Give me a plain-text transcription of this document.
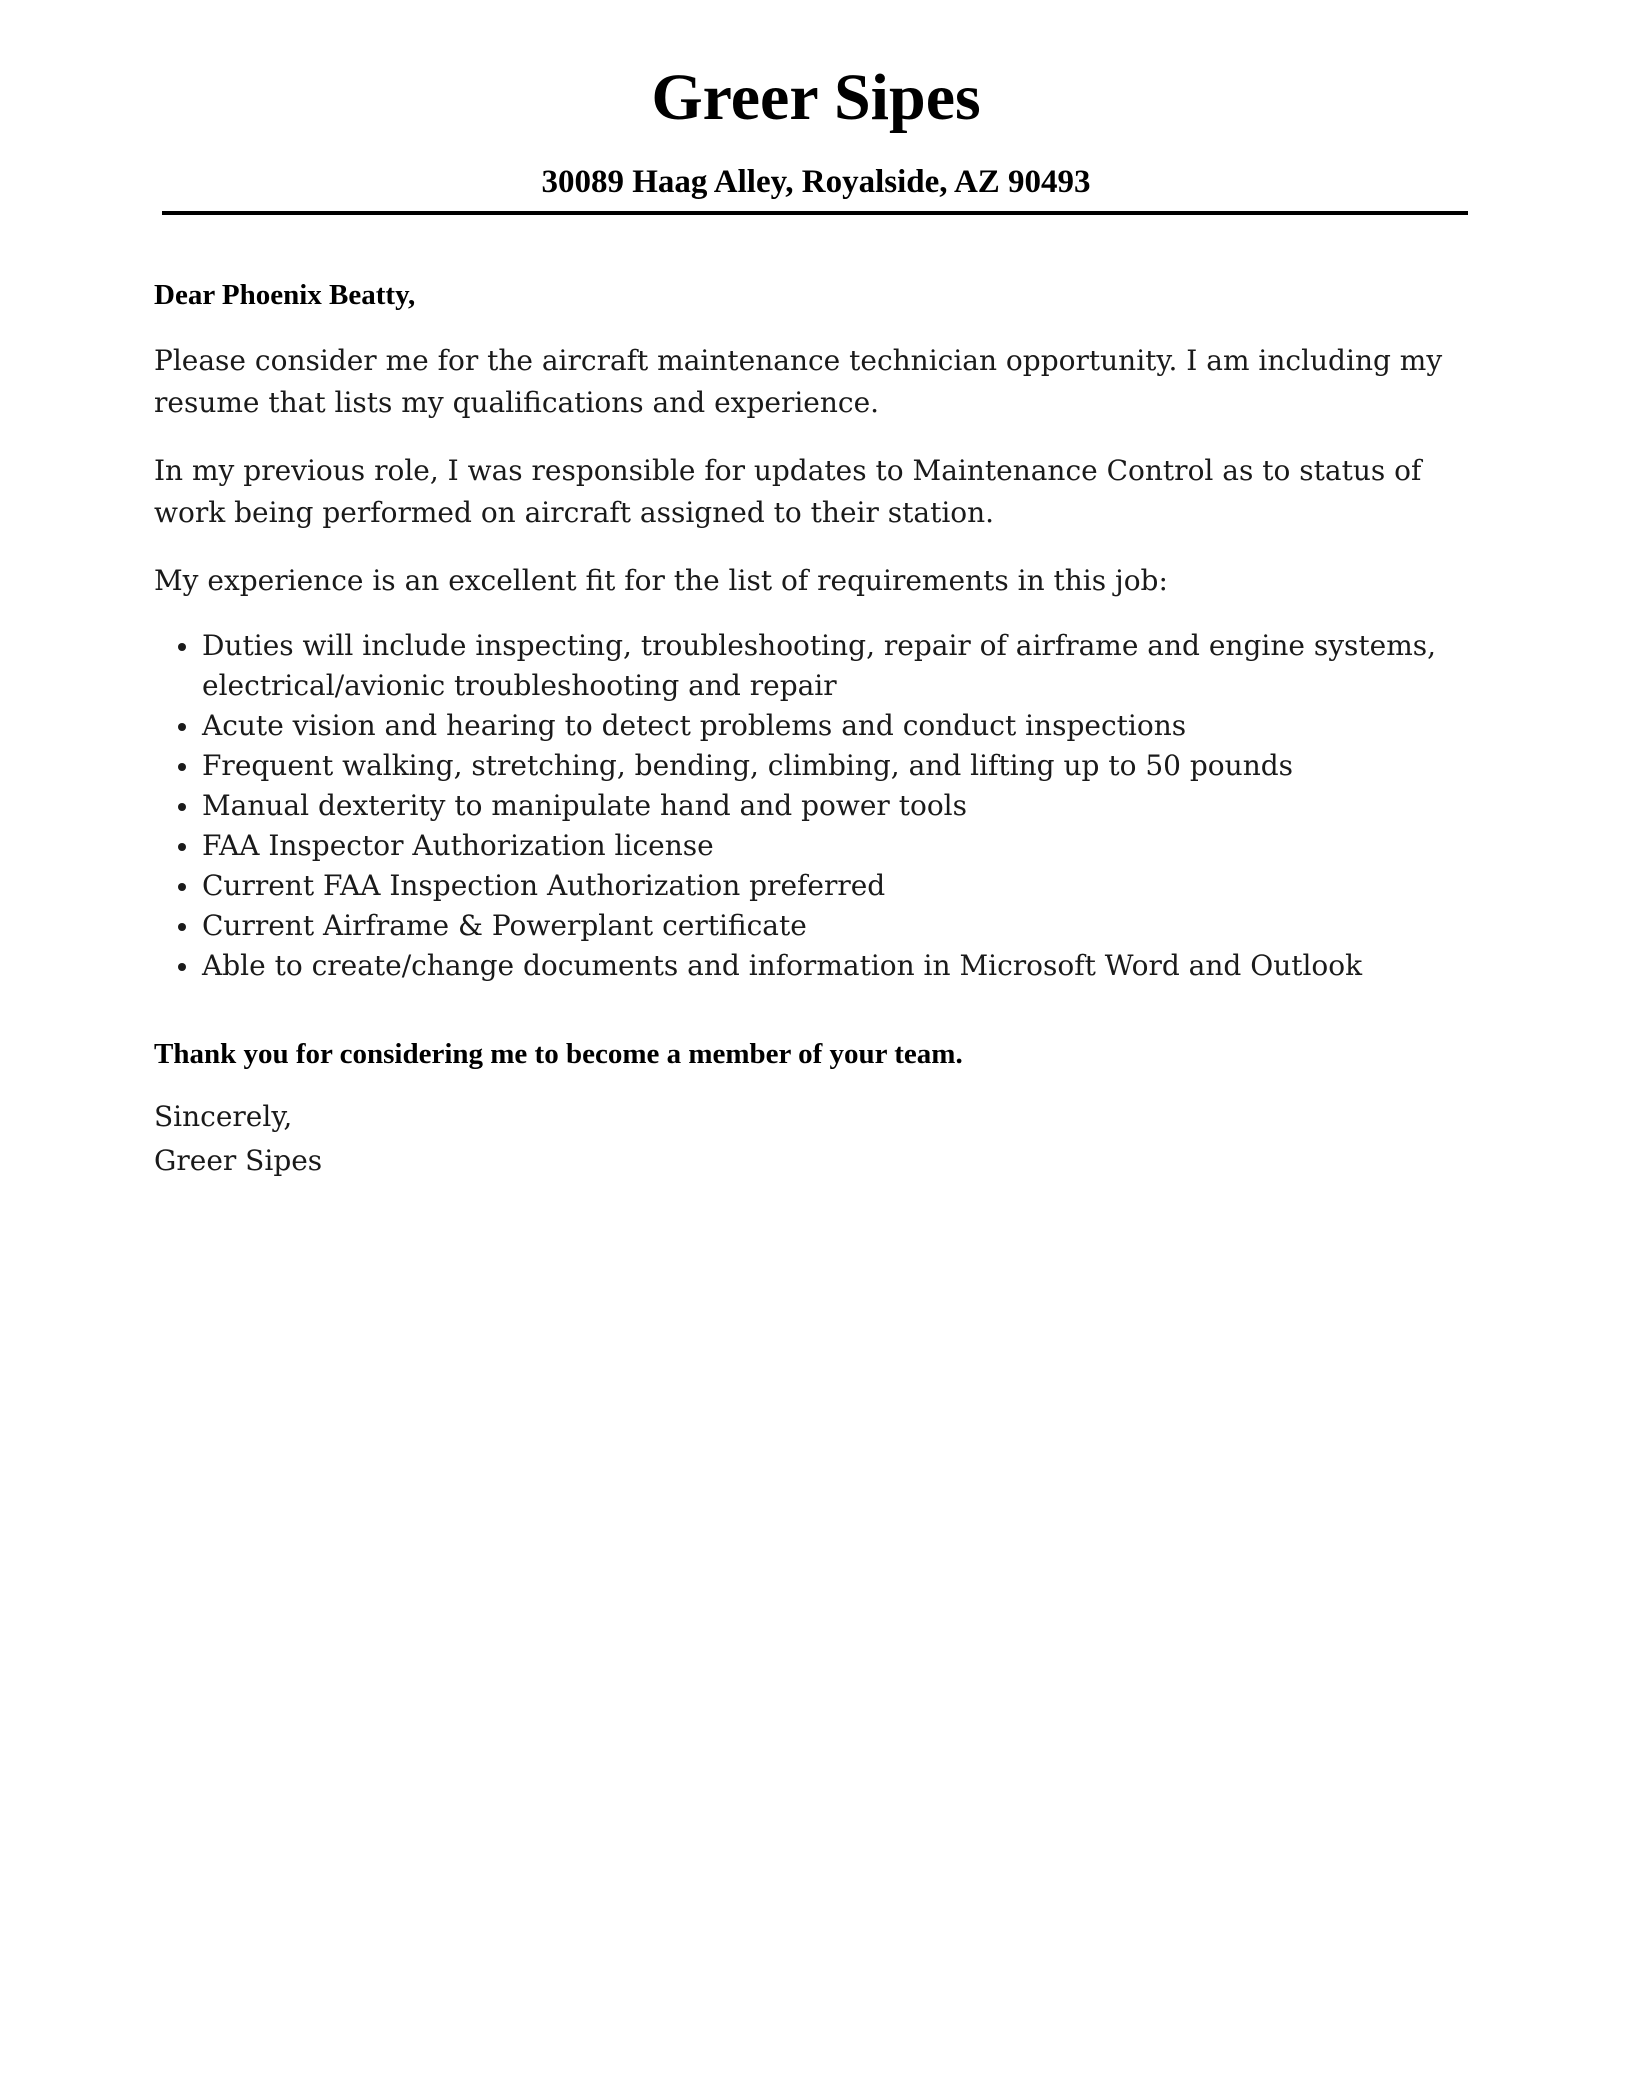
Greer Sipes
30089 Haag Alley, Royalside, AZ 90493

Dear Phoenix Beatty,

Please consider me for the aircraft maintenance technician opportunity. I am including my resume that lists my qualifications and experience.

In my previous role, I was responsible for updates to Maintenance Control as to status of work being performed on aircraft assigned to their station.

My experience is an excellent fit for the list of requirements in this job:

Duties will include inspecting, troubleshooting, repair of airframe and engine systems, electrical/avionic troubleshooting and repair
Acute vision and hearing to detect problems and conduct inspections
Frequent walking, stretching, bending, climbing, and lifting up to 50 pounds
Manual dexterity to manipulate hand and power tools
FAA Inspector Authorization license
Current FAA Inspection Authorization preferred
Current Airframe & Powerplant certificate
Able to create/change documents and information in Microsoft Word and Outlook

Thank you for considering me to become a member of your team.

Sincerely,

Greer Sipes
